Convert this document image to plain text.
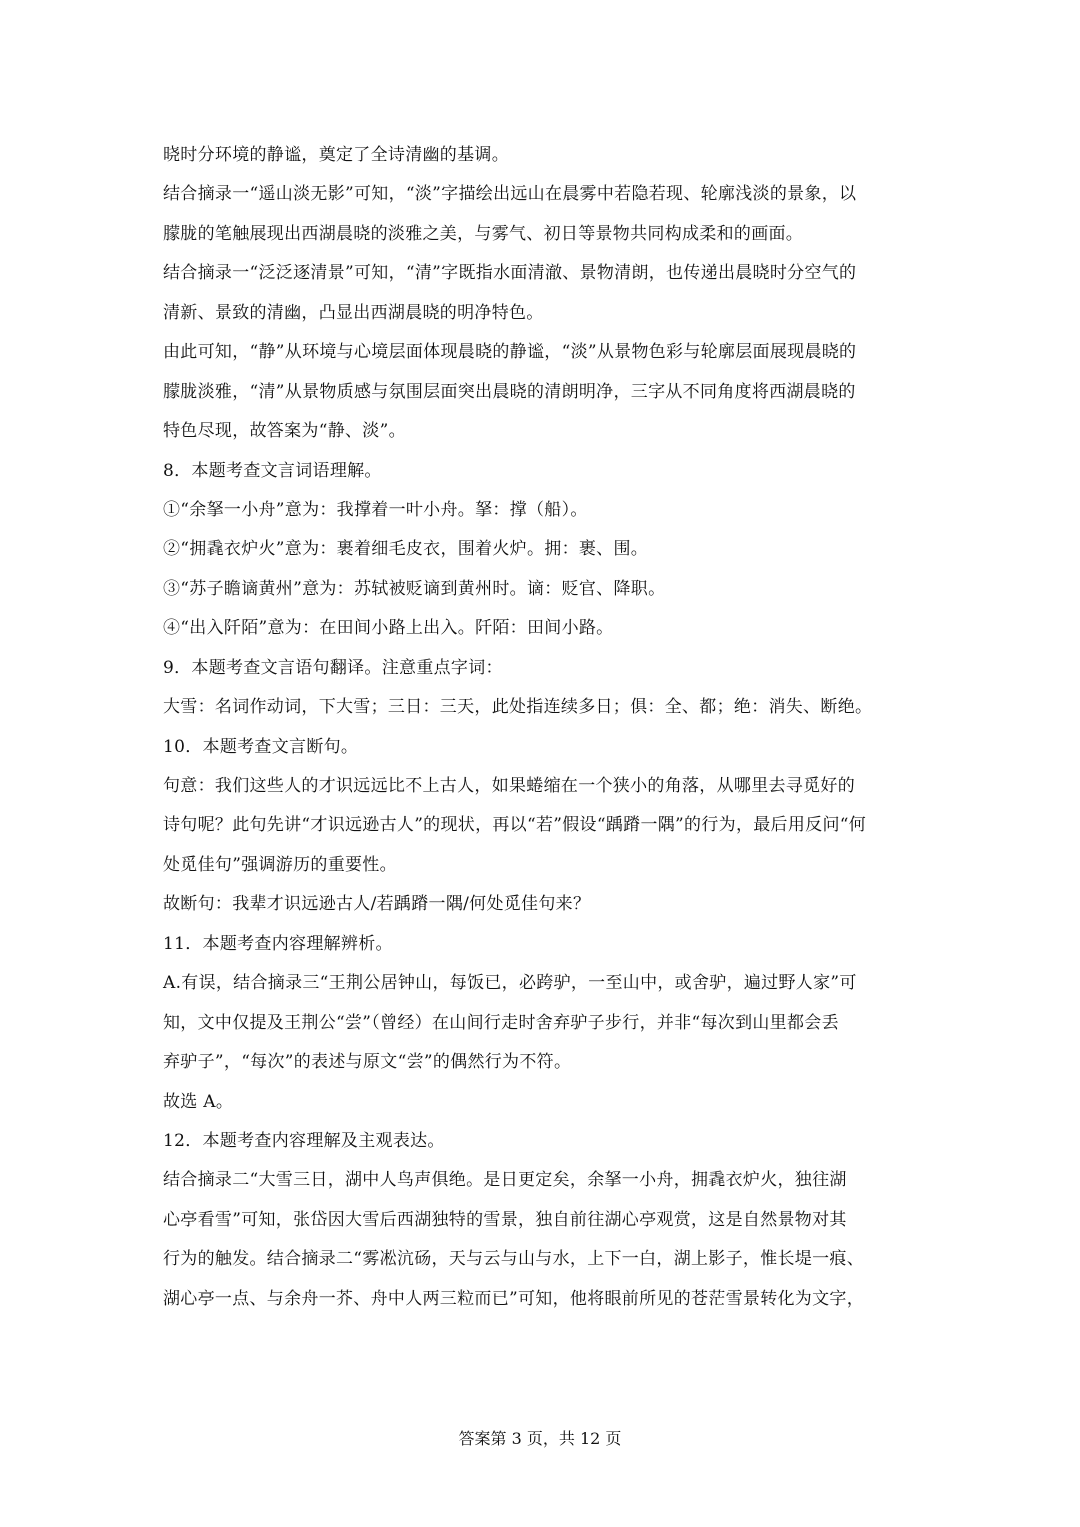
晓时分环境的静谧，奠定了全诗清幽的基调。
结合摘录一“遥山淡无影”可知，“淡”字描绘出远山在晨雾中若隐若现、轮廓浅淡的景象，以
朦胧的笔触展现出西湖晨晓的淡雅之美，与雾气、初日等景物共同构成柔和的画面。
结合摘录一“泛泛逐清景”可知，“清”字既指水面清澈、景物清朗，也传递出晨晓时分空气的
清新、景致的清幽，凸显出西湖晨晓的明净特色。
由此可知，“静”从环境与心境层面体现晨晓的静谧，“淡”从景物色彩与轮廓层面展现晨晓的
朦胧淡雅，“清”从景物质感与氛围层面突出晨晓的清朗明净，三字从不同角度将西湖晨晓的
特色尽现，故答案为“静、淡”。
8．本题考查文言词语理解。
①“余拏一小舟”意为：我撑着一叶小舟。拏：撑（船）。
②“拥毳衣炉火”意为：裹着细毛皮衣，围着火炉。拥：裹、围。
③“苏子瞻谪黄州”意为：苏轼被贬谪到黄州时。谪：贬官、降职。
④“出入阡陌”意为：在田间小路上出入。阡陌：田间小路。
9．本题考查文言语句翻译。注意重点字词：
大雪：名词作动词，下大雪；三日：三天，此处指连续多日；俱：全、都；绝：消失、断绝。
10．本题考查文言断句。
句意：我们这些人的才识远远比不上古人，如果蜷缩在一个狭小的角落，从哪里去寻觅好的
诗句呢？此句先讲“才识远逊古人”的现状，再以“若”假设“踽蹐一隅”的行为，最后用反问“何
处觅佳句”强调游历的重要性。
故断句：我辈才识远逊古人/若踽蹐一隅/何处觅佳句来？
11．本题考查内容理解辨析。
A.有误，结合摘录三“王荆公居钟山，每饭已，必跨驴，一至山中，或舍驴，遍过野人家”可
知，文中仅提及王荆公“尝”（曾经）在山间行走时舍弃驴子步行，并非“每次到山里都会丢
弃驴子”，“每次”的表述与原文“尝”的偶然行为不符。
故选 A。
12．本题考查内容理解及主观表达。
结合摘录二“大雪三日，湖中人鸟声俱绝。是日更定矣，余拏一小舟，拥毳衣炉火，独往湖
心亭看雪”可知，张岱因大雪后西湖独特的雪景，独自前往湖心亭观赏，这是自然景物对其
行为的触发。结合摘录二“雾凇沆砀，天与云与山与水，上下一白，湖上影子，惟长堤一痕、
湖心亭一点、与余舟一芥、舟中人两三粒而已”可知，他将眼前所见的苍茫雪景转化为文字，
答案第 3 页，共 12 页
